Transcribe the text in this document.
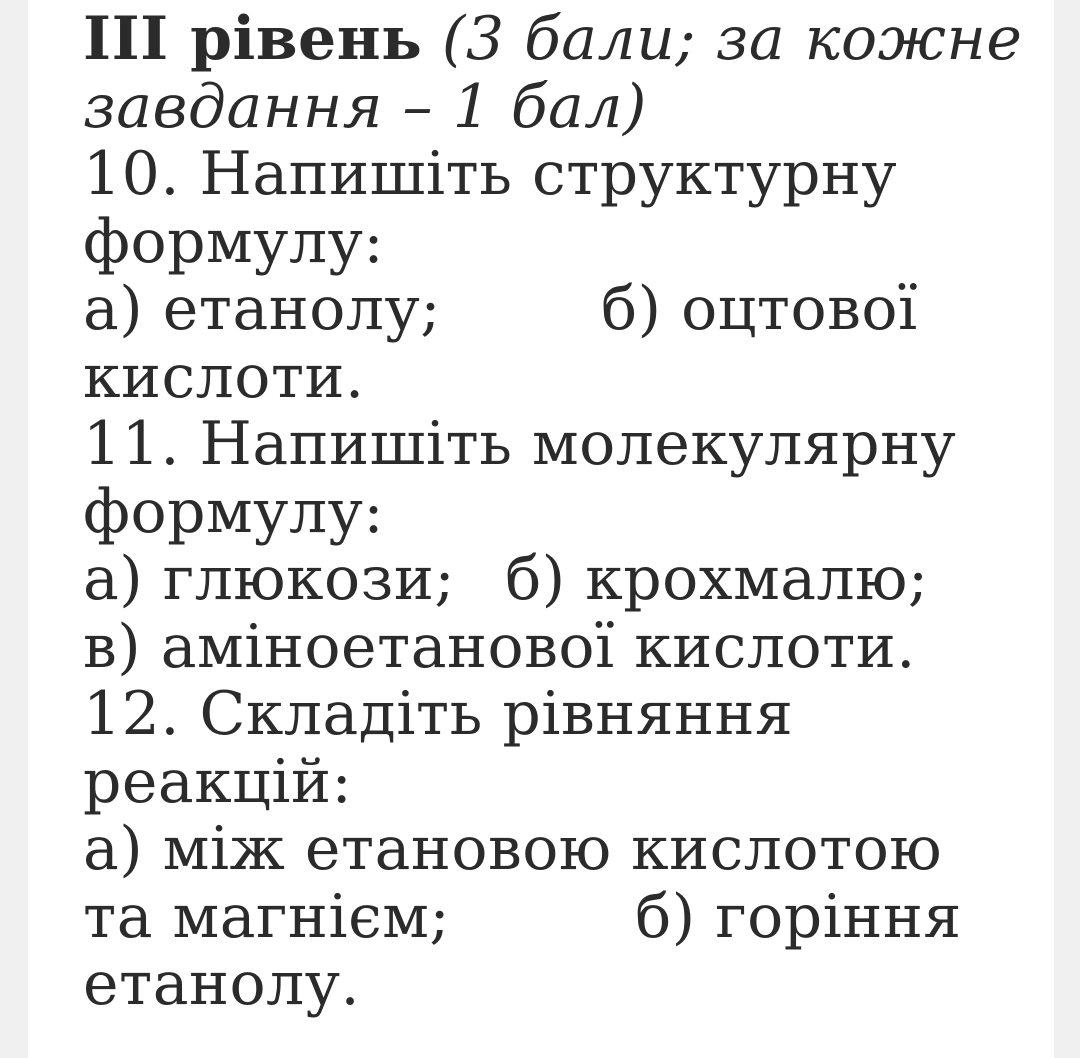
III рівень (3 бали; за кожне
завдання – 1 бал)
10. Напишіть структурну
формулу:
а) етанолу;	б) оцтової
кислоти.
11. Напишіть молекулярну
формулу:
а) глюкози; б) крохмалю;
в) аміноетанової кислоти.
12. Складіть рівняння
реакцій:
а) між етановою кислотою
та магнієм;	б) горіння
етанолу.
